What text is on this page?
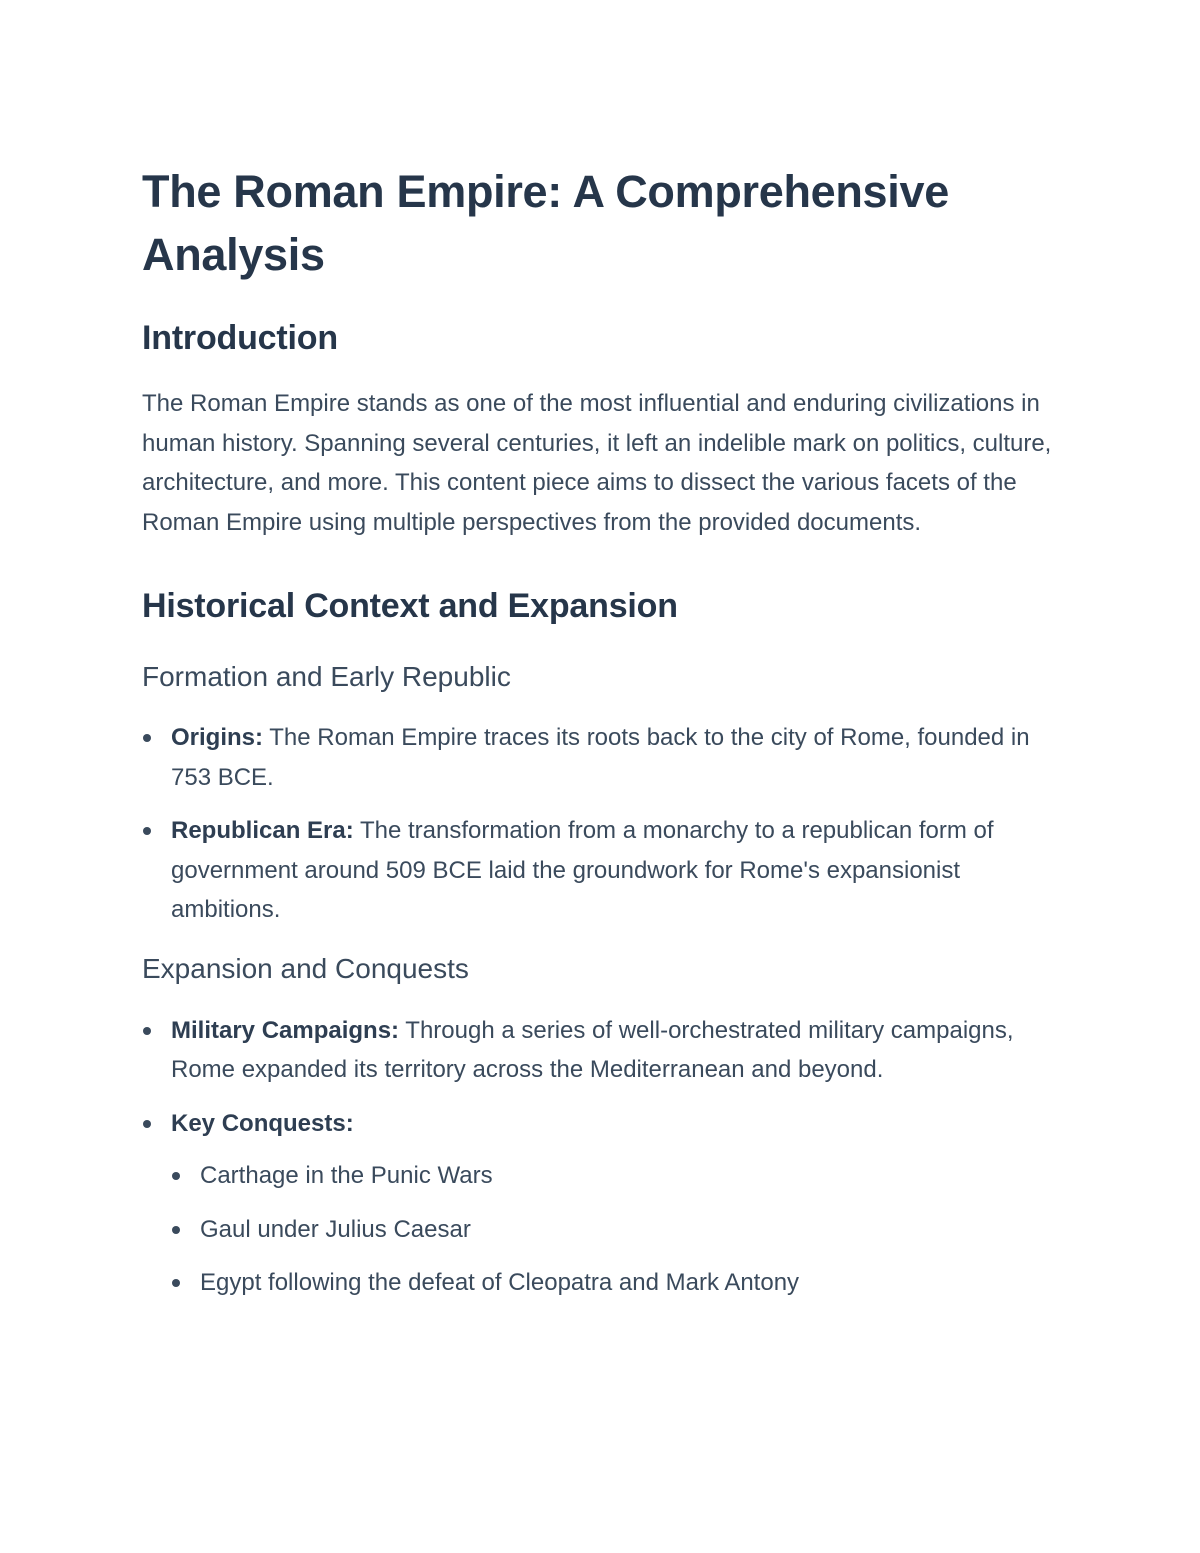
The Roman Empire: A Comprehensive Analysis
Introduction

The Roman Empire stands as one of the most influential and enduring civilizations in human history. Spanning several centuries, it left an indelible mark on politics, culture, architecture, and more. This content piece aims to dissect the various facets of the Roman Empire using multiple perspectives from the provided documents.

Historical Context and Expansion
Formation and Early Republic
Origins: The Roman Empire traces its roots back to the city of Rome, founded in 753 BCE.
Republican Era: The transformation from a monarchy to a republican form of government around 509 BCE laid the groundwork for Rome's expansionist ambitions.
Expansion and Conquests
Military Campaigns: Through a series of well-orchestrated military campaigns, Rome expanded its territory across the Mediterranean and beyond.
Key Conquests:
Carthage in the Punic Wars
Gaul under Julius Caesar
Egypt following the defeat of Cleopatra and Mark Antony
